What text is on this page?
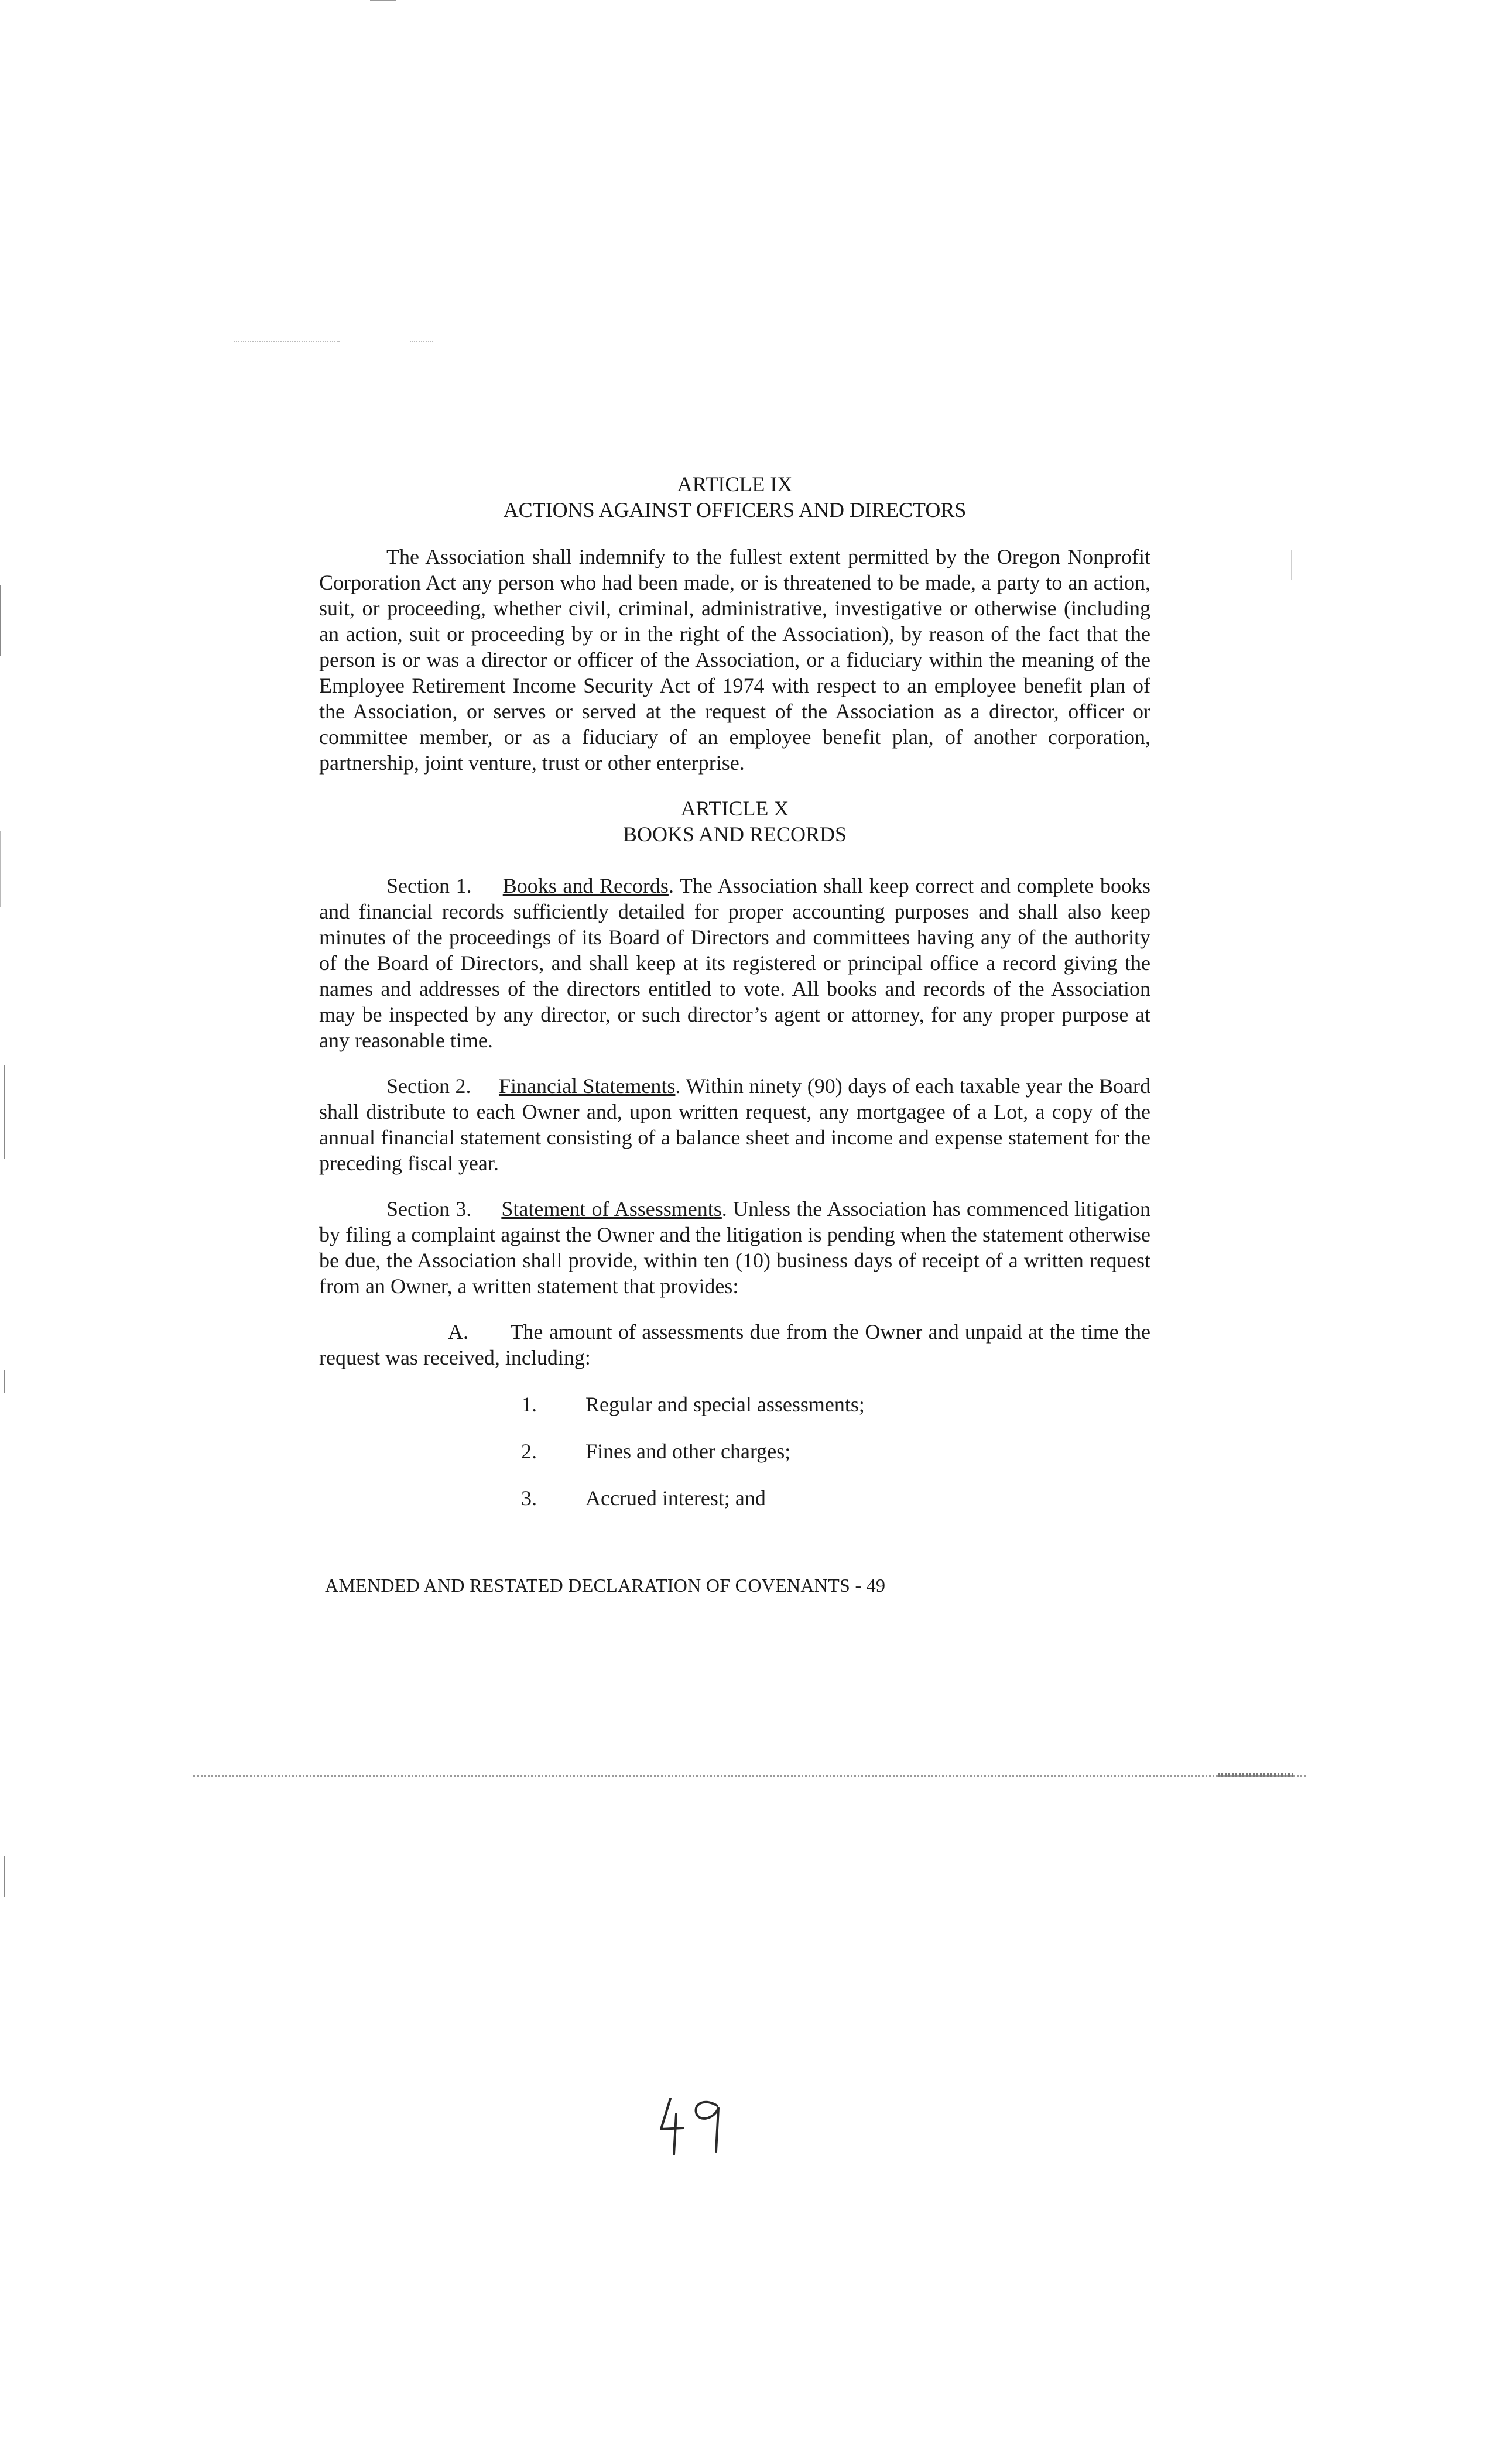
ARTICLE IX
ACTIONS AGAINST OFFICERS AND DIRECTORS

The Association shall indemnify to the fullest extent permitted by the Oregon Nonprofit Corporation Act any person who had been made, or is threatened to be made, a party to an action, suit, or proceeding, whether civil, criminal, administrative, investigative or otherwise (including an action, suit or proceeding by or in the right of the Association), by reason of the fact that the person is or was a director or officer of the Association, or a fiduciary within the meaning of the Employee Retirement Income Security Act of 1974 with respect to an employee benefit plan of the Association, or serves or served at the request of the Association as a director, officer or committee member, or as a fiduciary of an employee benefit plan, of another corporation, partnership, joint venture, trust or other enterprise.

ARTICLE X
BOOKS AND RECORDS

Section 1. Books and Records. The Association shall keep correct and complete books and financial records sufficiently detailed for proper accounting purposes and shall also keep minutes of the proceedings of its Board of Directors and committees having any of the authority of the Board of Directors, and shall keep at its registered or principal office a record giving the names and addresses of the directors entitled to vote. All books and records of the Association may be inspected by any director, or such director’s agent or attorney, for any proper purpose at any reasonable time.

Section 2. Financial Statements. Within ninety (90) days of each taxable year the Board shall distribute to each Owner and, upon written request, any mortgagee of a Lot, a copy of the annual financial statement consisting of a balance sheet and income and expense statement for the preceding fiscal year.

Section 3. Statement of Assessments. Unless the Association has commenced litigation by filing a complaint against the Owner and the litigation is pending when the statement otherwise be due, the Association shall provide, within ten (10) business days of receipt of a written request from an Owner, a written statement that provides:

A. The amount of assessments due from the Owner and unpaid at the time the request was received, including:

1. Regular and special assessments;
2. Fines and other charges;
3. Accrued interest; and
AMENDED AND RESTATED DECLARATION OF COVENANTS - 49
